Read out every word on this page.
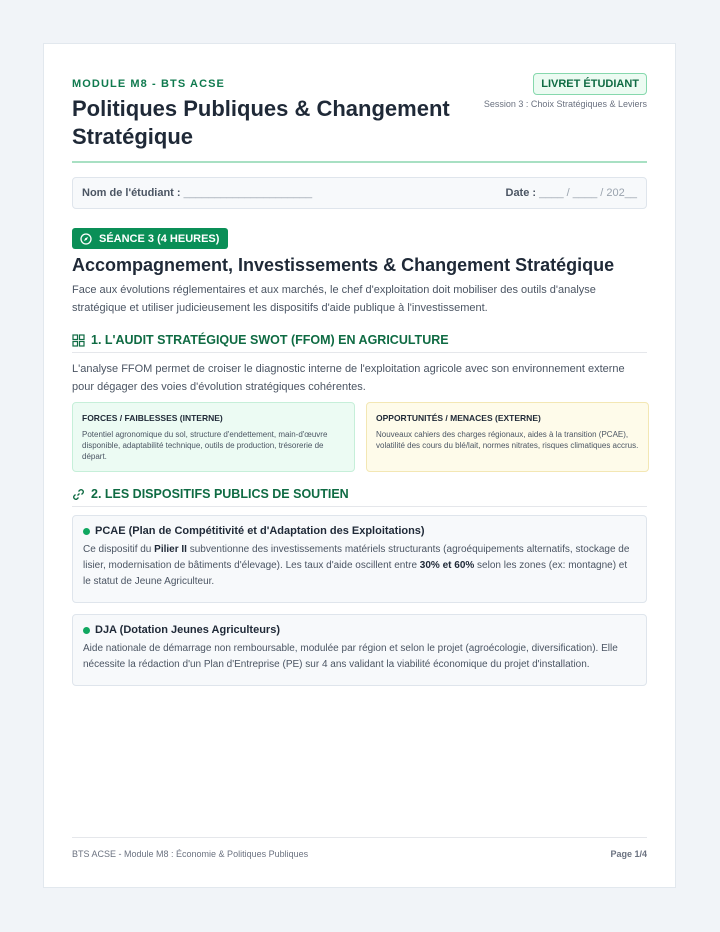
MODULE M8 - BTS ACSE
Politiques Publiques & Changement Stratégique
LIVRET ÉTUDIANT
Session 3 : Choix Stratégiques & Leviers
Nom de l'étudiant : _____________________	Date : ____ / ____ / 202__
SÉANCE 3 (4 HEURES)
Accompagnement, Investissements & Changement Stratégique

Face aux évolutions réglementaires et aux marchés, le chef d'exploitation doit mobiliser des outils d'analyse stratégique et utiliser judicieusement les dispositifs d'aide publique à l'investissement.

1. L'AUDIT STRATÉGIQUE SWOT (FFOM) EN AGRICULTURE

L'analyse FFOM permet de croiser le diagnostic interne de l'exploitation agricole avec son environnement externe pour dégager des voies d'évolution stratégiques cohérentes.

FORCES / FAIBLESSES (INTERNE)

Potentiel agronomique du sol, structure d'endettement, main-d'œuvre disponible, adaptabilité technique, outils de production, trésorerie de départ.

OPPORTUNITÉS / MENACES (EXTERNE)

Nouveaux cahiers des charges régionaux, aides à la transition (PCAE), volatilité des cours du blé/lait, normes nitrates, risques climatiques accrus.

2. LES DISPOSITIFS PUBLICS DE SOUTIEN

PCAE (Plan de Compétitivité et d'Adaptation des Exploitations)

Ce dispositif du Pilier II subventionne des investissements matériels structurants (agroéquipements alternatifs, stockage de lisier, modernisation de bâtiments d'élevage). Les taux d'aide oscillent entre 30% et 60% selon les zones (ex: montagne) et le statut de Jeune Agriculteur.

DJA (Dotation Jeunes Agriculteurs)

Aide nationale de démarrage non remboursable, modulée par région et selon le projet (agroécologie, diversification). Elle nécessite la rédaction d'un Plan d'Entreprise (PE) sur 4 ans validant la viabilité économique du projet d'installation.

BTS ACSE - Module M8 : Économie & Politiques Publiques	Page 1/4
